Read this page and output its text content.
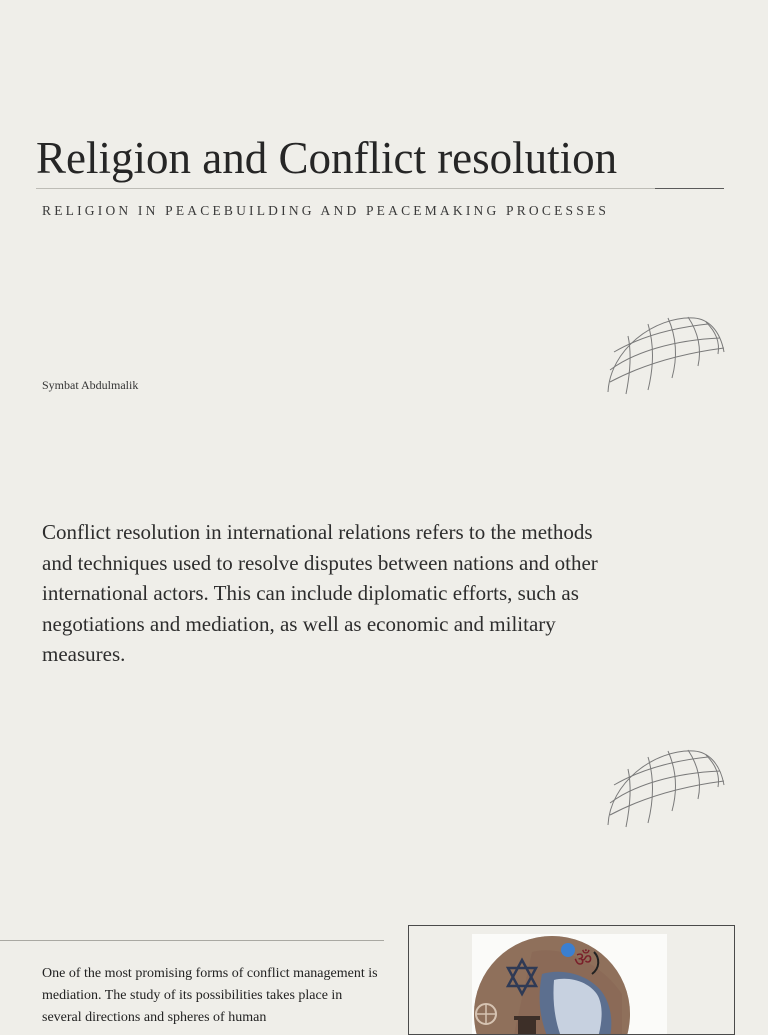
Religion and Conflict resolution
RELIGION IN PEACEBUILDING AND PEACEMAKING PROCESSES
Symbat Abdulmalik

Conflict resolution in international relations refers to the methods and techniques used to resolve disputes between nations and other international actors. This can include diplomatic efforts, such as negotiations and mediation, as well as economic and military measures.

One of the most promising forms of conflict management is mediation. The study of its possibilities takes place in several directions and spheres of human

ॐ
